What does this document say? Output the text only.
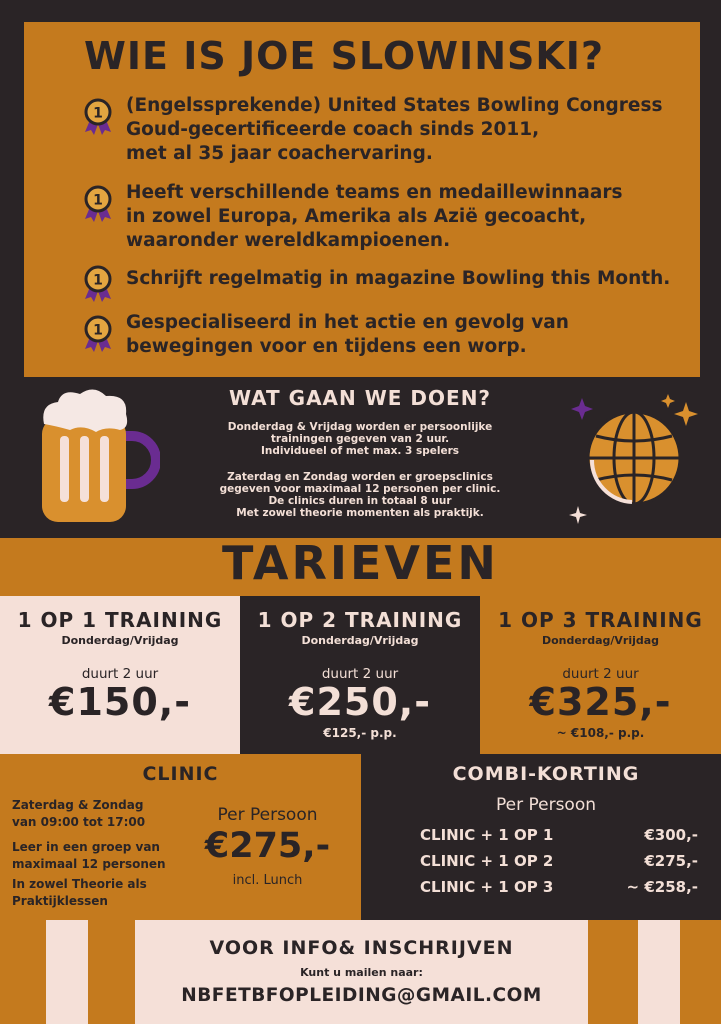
WIE IS JOE SLOWINSKI?
1 (Engelssprekende) United States Bowling Congress
Goud-gecertificeerde coach sinds 2011,
met al 35 jaar coachervaring.
1 Heeft verschillende teams en medaillewinnaars
in zowel Europa, Amerika als Azië gecoacht,
waaronder wereldkampioenen.
1 Schrijft regelmatig in magazine Bowling this Month.
1 Gespecialiseerd in het actie en gevolg van
bewegingen voor en tijdens een worp.
WAT GAAN WE DOEN?
Donderdag & Vrijdag worden er persoonlijke
trainingen gegeven van 2 uur.
Individueel of met max. 3 spelers
Zaterdag en Zondag worden er groepsclinics
gegeven voor maximaal 12 personen per clinic.
De clinics duren in totaal 8 uur
Met zowel theorie momenten als praktijk.
TARIEVEN
1 OP 1 TRAINING
Donderdag/Vrijdag
duurt 2 uur
€150,-
1 OP 2 TRAINING
Donderdag/Vrijdag
duurt 2 uur
€250,-
€125,- p.p.
1 OP 3 TRAINING
Donderdag/Vrijdag
duurt 2 uur
€325,-
~ €108,- p.p.
CLINIC
Zaterdag & Zondag
van 09:00 tot 17:00
Leer in een groep van
maximaal 12 personen
In zowel Theorie als
Praktijklessen
Per Persoon
€275,-
incl. Lunch
COMBI-KORTING
Per Persoon
CLINIC + 1 OP 1	€300,-
CLINIC + 1 OP 2	€275,-
CLINIC + 1 OP 3	~ €258,-
VOOR INFO& INSCHRIJVEN
Kunt u mailen naar:
NBFETBFOPLEIDING@GMAIL.COM
